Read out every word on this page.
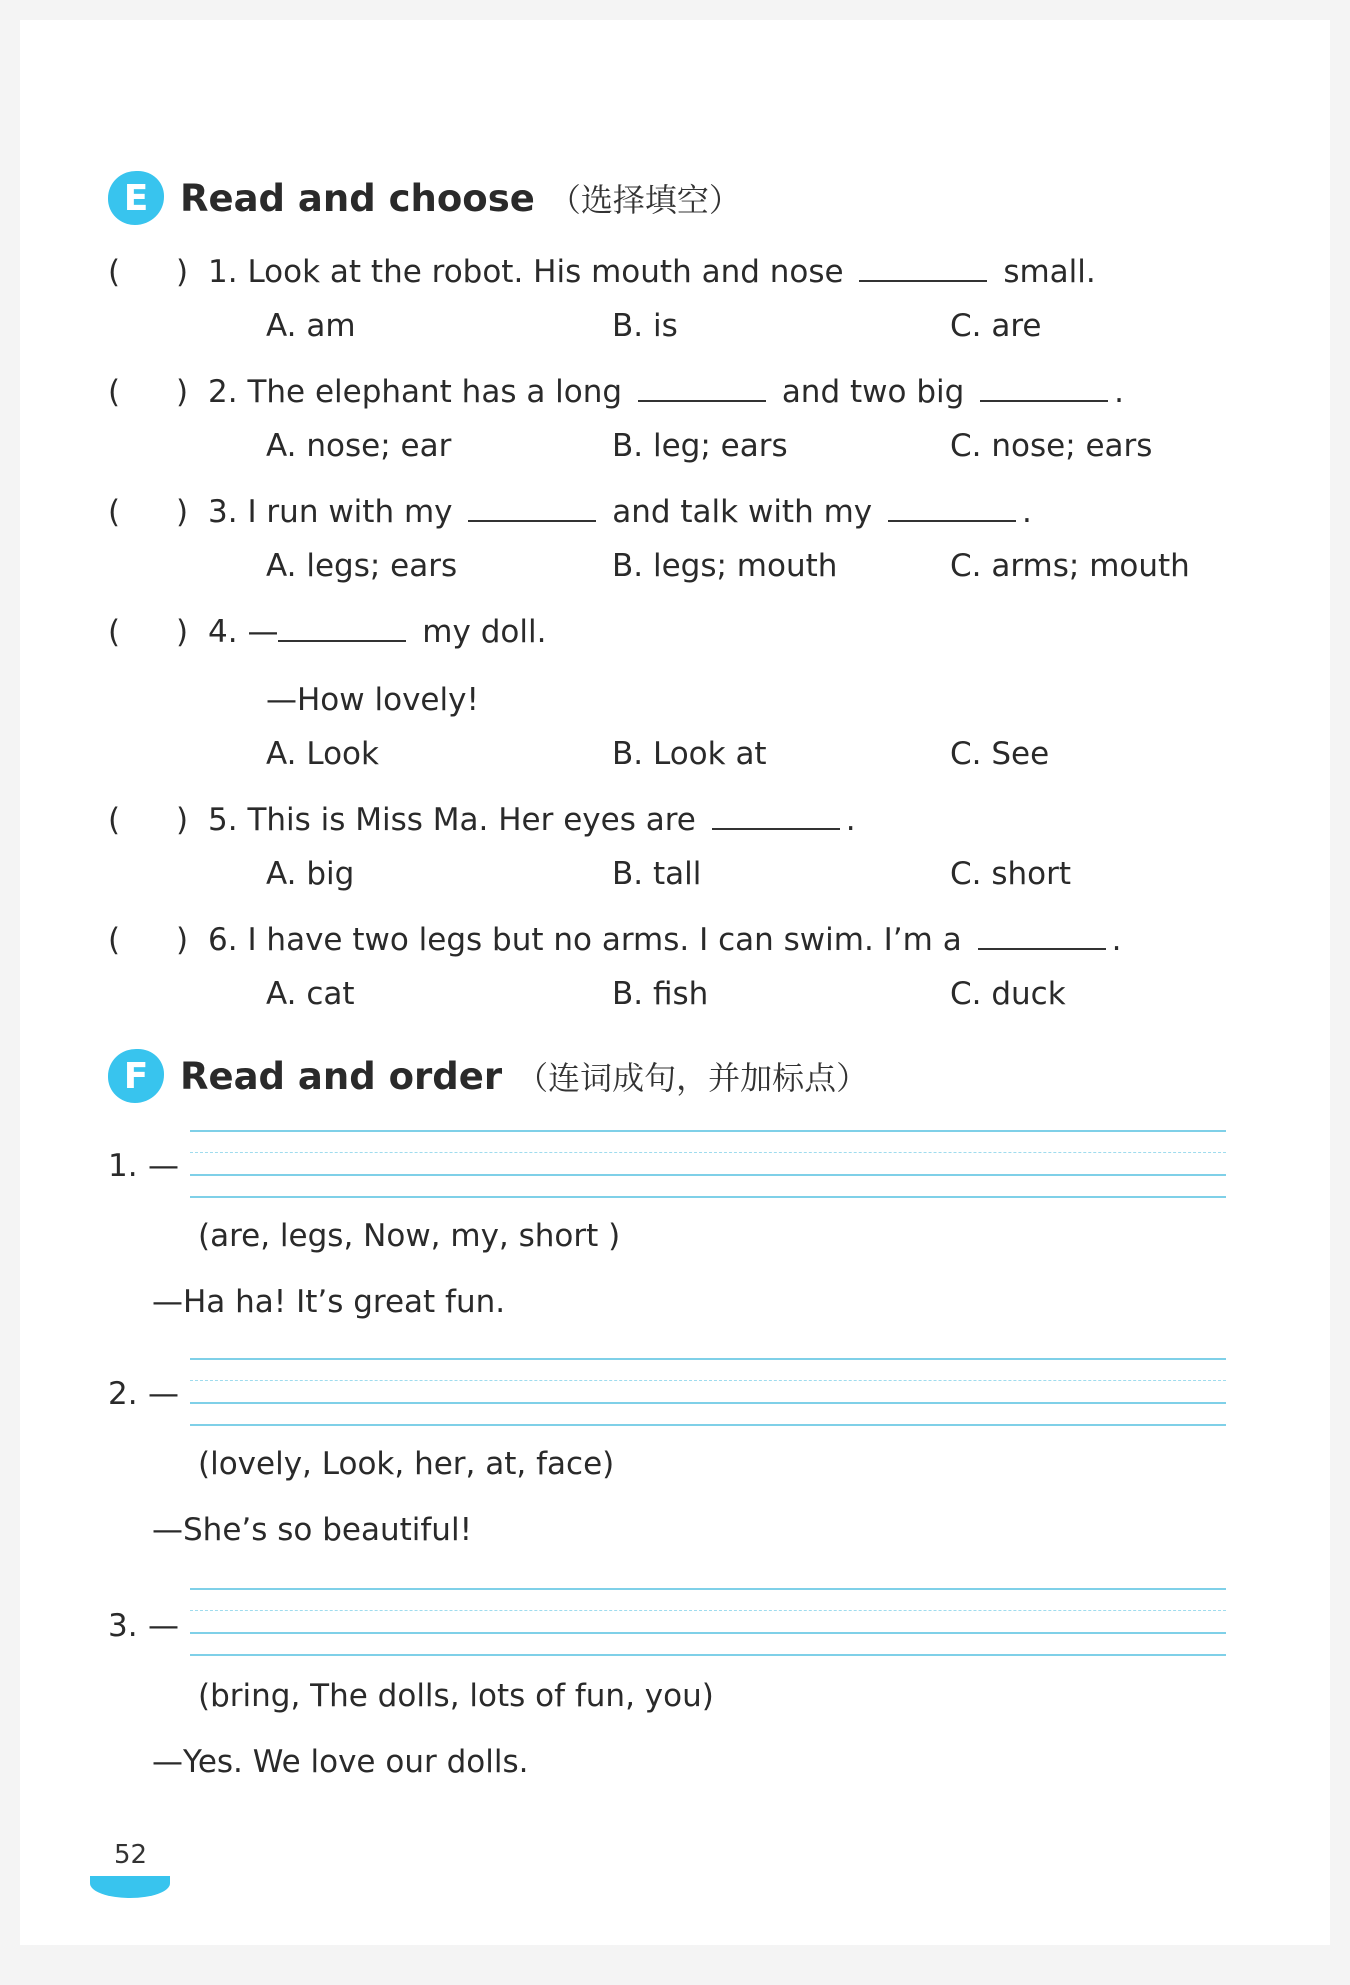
E Read and choose （选择填空）
( ) 1. Look at the robot. His mouth and nose	small.
A. am	B. is	C. are
( ) 2. The elephant has a long	and two big	.
A. nose; ear	B. leg; ears	C. nose; ears
( ) 3. I run with my	and talk with my	.
A. legs; ears	B. legs; mouth	C. arms; mouth
( ) 4. —	my doll.
—How lovely!
A. Look	B. Look at	C. See
( ) 5. This is Miss Ma. Her eyes are	.
A. big	B. tall	C. short
( ) 6. I have two legs but no arms. I can swim. I’m a	.
A. cat	B. fish	C. duck
F Read and order （连词成句，并加标点）
1. —
(are, legs, Now, my, short )
—Ha ha! It’s great fun.
2. —
(lovely, Look, her, at, face)
—She’s so beautiful!
3. —
(bring, The dolls, lots of fun, you)
—Yes. We love our dolls.
52
